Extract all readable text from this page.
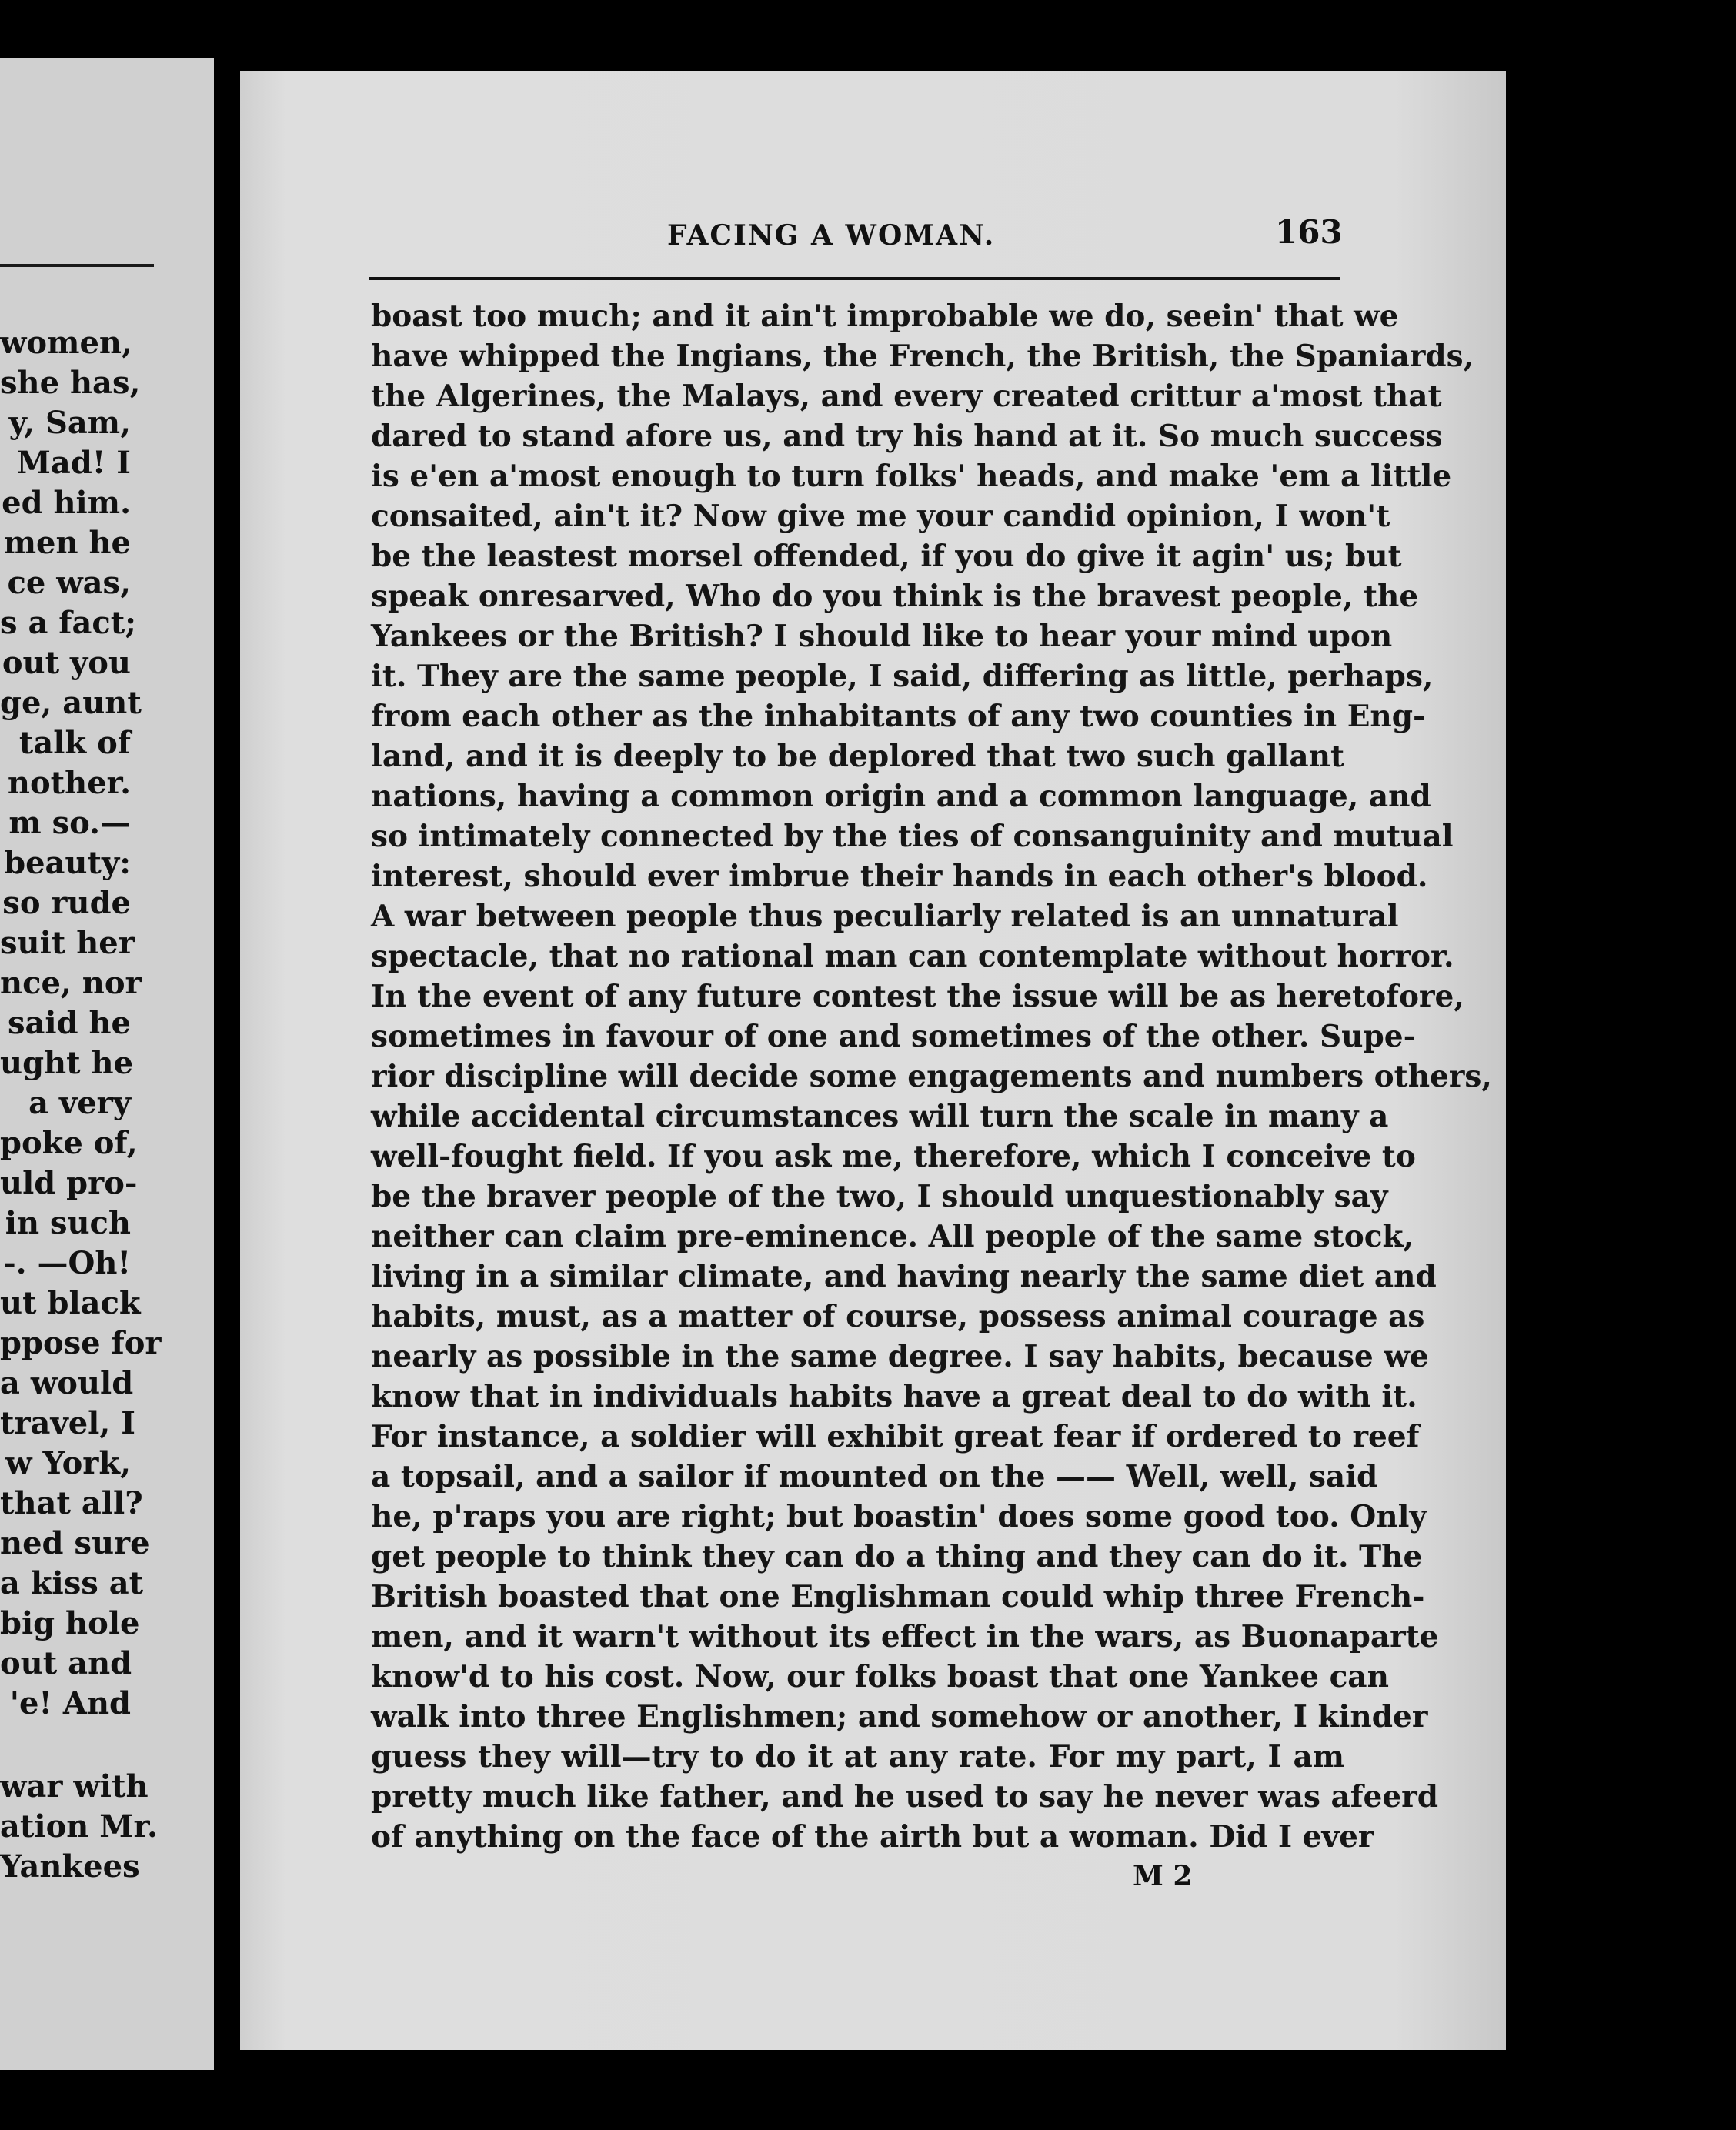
women,
she has,
y, Sam,
Mad! I
ed him.
men he
ce was,
s a fact;
out you
ge, aunt
talk of
nother.
m so.—
beauty:
so rude
suit her
nce, nor
said he
ught he
a very
poke of,
uld pro-
in such
-. —Oh!
ut black
ppose for
a would
travel, I
w York,
that all?
ned sure
a kiss at
big hole
out and
'e! And
war with
ation Mr.
Yankees
FACING A WOMAN.	163
boast too much; and it ain't improbable we do, seein' that we
have whipped the Ingians, the French, the British, the Spaniards,
the Algerines, the Malays, and every created crittur a'most that
dared to stand afore us, and try his hand at it. So much success
is e'en a'most enough to turn folks' heads, and make 'em a little
consaited, ain't it? Now give me your candid opinion, I won't
be the leastest morsel offended, if you do give it agin' us; but
speak onresarved, Who do you think is the bravest people, the
Yankees or the British? I should like to hear your mind upon
it. They are the same people, I said, differing as little, perhaps,
from each other as the inhabitants of any two counties in Eng-
land, and it is deeply to be deplored that two such gallant
nations, having a common origin and a common language, and
so intimately connected by the ties of consanguinity and mutual
interest, should ever imbrue their hands in each other's blood.
A war between people thus peculiarly related is an unnatural
spectacle, that no rational man can contemplate without horror.
In the event of any future contest the issue will be as heretofore,
sometimes in favour of one and sometimes of the other. Supe-
rior discipline will decide some engagements and numbers others,
while accidental circumstances will turn the scale in many a
well-fought field. If you ask me, therefore, which I conceive to
be the braver people of the two, I should unquestionably say
neither can claim pre-eminence. All people of the same stock,
living in a similar climate, and having nearly the same diet and
habits, must, as a matter of course, possess animal courage as
nearly as possible in the same degree. I say habits, because we
know that in individuals habits have a great deal to do with it.
For instance, a soldier will exhibit great fear if ordered to reef
a topsail, and a sailor if mounted on the —— Well, well, said
he, p'raps you are right; but boastin' does some good too. Only
get people to think they can do a thing and they can do it. The
British boasted that one Englishman could whip three French-
men, and it warn't without its effect in the wars, as Buonaparte
know'd to his cost. Now, our folks boast that one Yankee can
walk into three Englishmen; and somehow or another, I kinder
guess they will—try to do it at any rate. For my part, I am
pretty much like father, and he used to say he never was afeerd
of anything on the face of the airth but a woman. Did I ever
M 2
